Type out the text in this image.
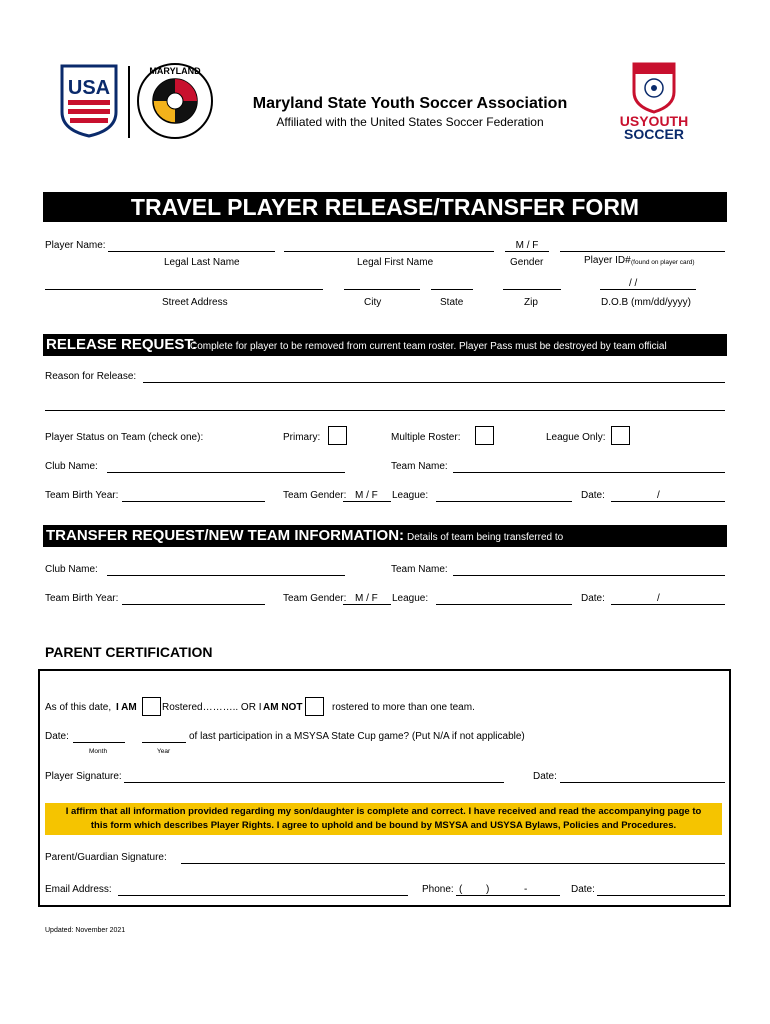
USA
MARYLAND
Maryland State Youth Soccer Association
Affiliated with the United States Soccer Federation	USYOUTH
SOCCER
TRAVEL PLAYER RELEASE/TRANSFER FORM
Player Name:	M / F
Legal Last Name	Legal First Name	Gender	Player ID# (found on player card)
/ /
Street Address	City	State	Zip	D.O.B (mm/dd/yyyy)
RELEASE REQUEST:
Complete for player to be removed from current team roster. Player Pass must be destroyed by team official
Reason for Release:
Player Status on Team (check one):	Primary:	Multiple Roster:	League Only:
Club Name:	Team Name:
Team Birth Year:	Team Gender: M / F League:	Date:	/
TRANSFER REQUEST/NEW TEAM INFORMATION: Details of team being transferred to
Club Name:	Team Name:
Team Birth Year:	Team Gender: M / F League:	Date:	/
PARENT CERTIFICATION
As of this date, I AM	Rostered……….. OR I AM NOT	rostered to more than one team.
Date:	of last participation in a MSYSA State Cup game? (Put N/A if not applicable)
Month	Year
Player Signature:	Date:
I affirm that all information provided regarding my son/daughter is complete and correct. I have received and read the accompanying page to
this form which describes Player Rights. I agree to uphold and be bound by MSYSA and USYSA Bylaws, Policies and Procedures.
Parent/Guardian Signature:
Email Address:	Phone: ( )	-	Date:
Updated: November 2021
